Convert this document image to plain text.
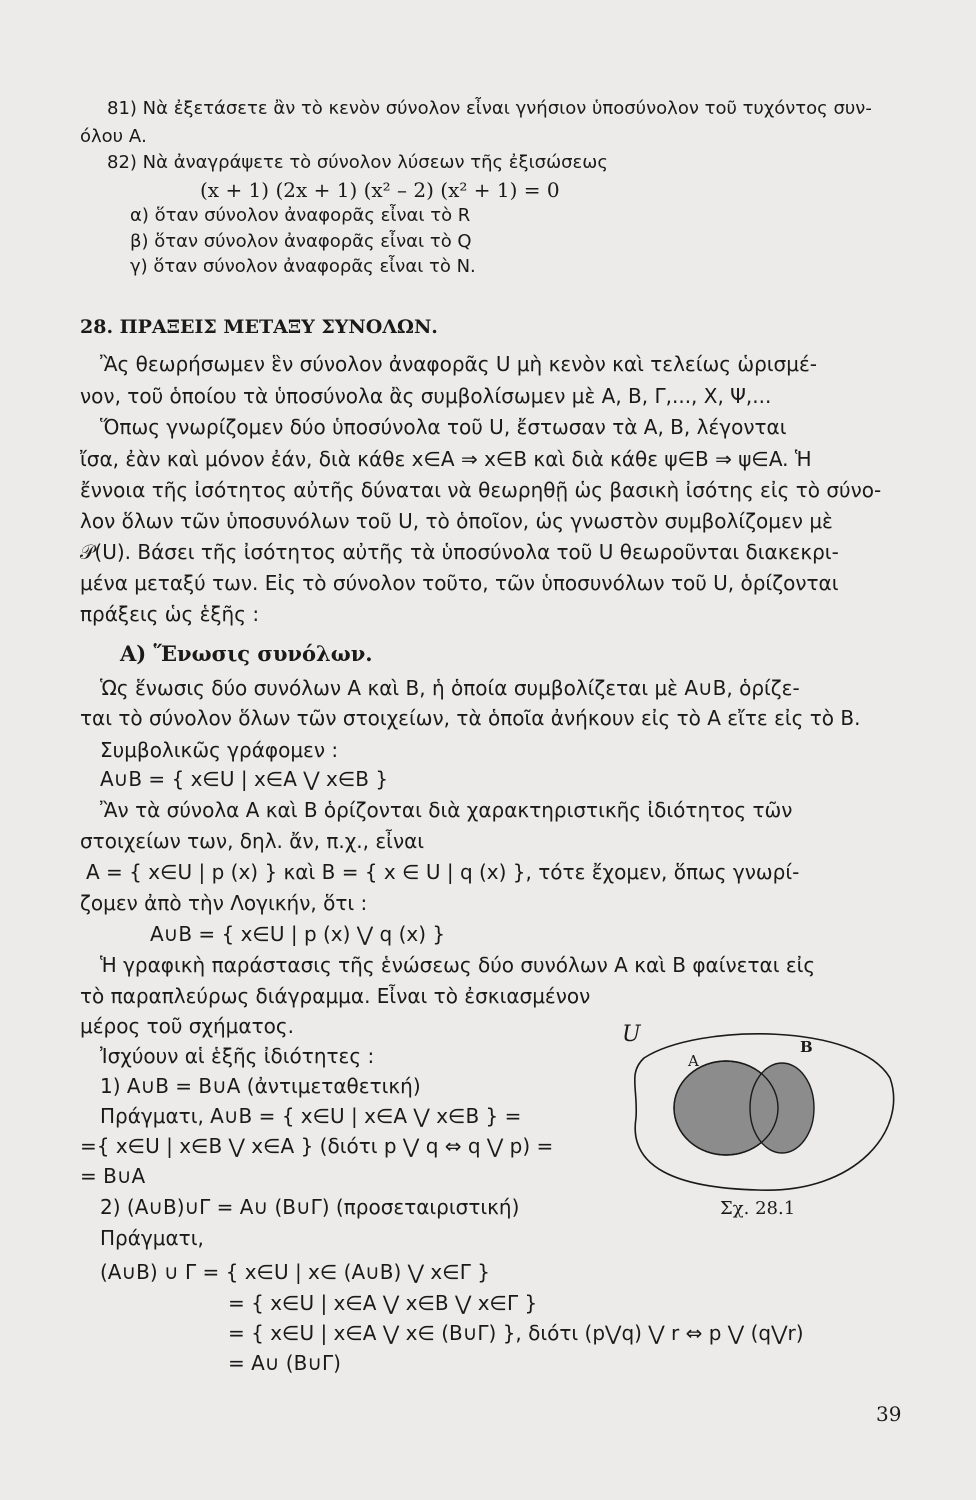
81) Νὰ ἐξετάσετε ἂν τὸ κενὸν σύνολον εἶναι γνήσιον ὑποσύνολον τοῦ τυχόντος συν-
όλου Α.
82) Νὰ ἀναγράψετε τὸ σύνολον λύσεων τῆς ἐξισώσεως
(x + 1) (2x + 1) (x² – 2) (x² + 1) = 0
α) ὅταν σύνολον ἀναφορᾶς εἶναι τὸ R
β) ὅταν σύνολον ἀναφορᾶς εἶναι τὸ Q
γ) ὅταν σύνολον ἀναφορᾶς εἶναι τὸ Ν.
28. ΠΡΑΞΕΙΣ ΜΕΤΑΞΥ ΣΥΝΟΛΩΝ.
Ἂς θεωρήσωμεν ἓν σύνολον ἀναφορᾶς U μὴ κενὸν καὶ τελείως ὡρισμέ-
νον, τοῦ ὁποίου τὰ ὑποσύνολα ἂς συμβολίσωμεν μὲ Α, Β, Γ,..., Χ, Ψ,...
Ὅπως γνωρίζομεν δύο ὑποσύνολα τοῦ U, ἔστωσαν τὰ Α, Β, λέγονται
ἴσα, ἐὰν καὶ μόνον ἐάν, διὰ κάθε x∈A ⇒ x∈B καὶ διὰ κάθε ψ∈B ⇒ ψ∈A. Ἡ
ἔννοια τῆς ἰσότητος αὐτῆς δύναται νὰ θεωρηθῇ ὡς βασικὴ ἰσότης εἰς τὸ σύνο-
λον ὅλων τῶν ὑποσυνόλων τοῦ U, τὸ ὁποῖον, ὡς γνωστὸν συμβολίζομεν μὲ
𝒫(U). Βάσει τῆς ἰσότητος αὐτῆς τὰ ὑποσύνολα τοῦ U θεωροῦνται διακεκρι-
μένα μεταξύ των. Εἰς τὸ σύνολον τοῦτο, τῶν ὑποσυνόλων τοῦ U, ὁρίζονται
πράξεις ὡς ἑξῆς :
Α) Ἕνωσις συνόλων.
Ὡς ἕνωσις δύο συνόλων Α καὶ Β, ἡ ὁποία συμβολίζεται μὲ A∪B, ὁρίζε-
ται τὸ σύνολον ὅλων τῶν στοιχείων, τὰ ὁποῖα ἀνήκουν εἰς τὸ Α εἴτε εἰς τὸ Β.
Συμβολικῶς γράφομεν :
A∪B = { x∈U | x∈A ⋁ x∈B }
Ἂν τὰ σύνολα Α καὶ Β ὁρίζονται διὰ χαρακτηριστικῆς ἰδιότητος τῶν
στοιχείων των, δηλ. ἄν, π.χ., εἶναι
A = { x∈U | p (x) } καὶ B = { x ∈ U | q (x) }, τότε ἔχομεν, ὅπως γνωρί-
ζομεν ἀπὸ τὴν Λογικήν, ὅτι :
A∪B = { x∈U | p (x) ⋁ q (x) }
Ἡ γραφικὴ παράστασις τῆς ἑνώσεως δύο συνόλων Α καὶ Β φαίνεται εἰς
τὸ παραπλεύρως διάγραμμα. Εἶναι τὸ ἐσκιασμένον
μέρος τοῦ σχήματος.
Ἰσχύουν αἱ ἑξῆς ἰδιότητες :
1) A∪B = B∪A (ἀντιμεταθετική)
Πράγματι, A∪B = { x∈U | x∈A ⋁ x∈B } =
={ x∈U | x∈B ⋁ x∈A } (διότι p ⋁ q ⇔ q ⋁ p) =
= B∪A
2) (A∪B)∪Γ = A∪ (B∪Γ) (προσεταιριστική)
Πράγματι,
(A∪B) ∪ Γ = { x∈U | x∈ (A∪B) ⋁ x∈Γ }
= { x∈U | x∈A ⋁ x∈B ⋁ x∈Γ }
= { x∈U | x∈A ⋁ x∈ (B∪Γ) }, διότι (p⋁q) ⋁ r ⇔ p ⋁ (q⋁r)
= A∪ (B∪Γ)
U
A
B
Σχ. 28.1
39
